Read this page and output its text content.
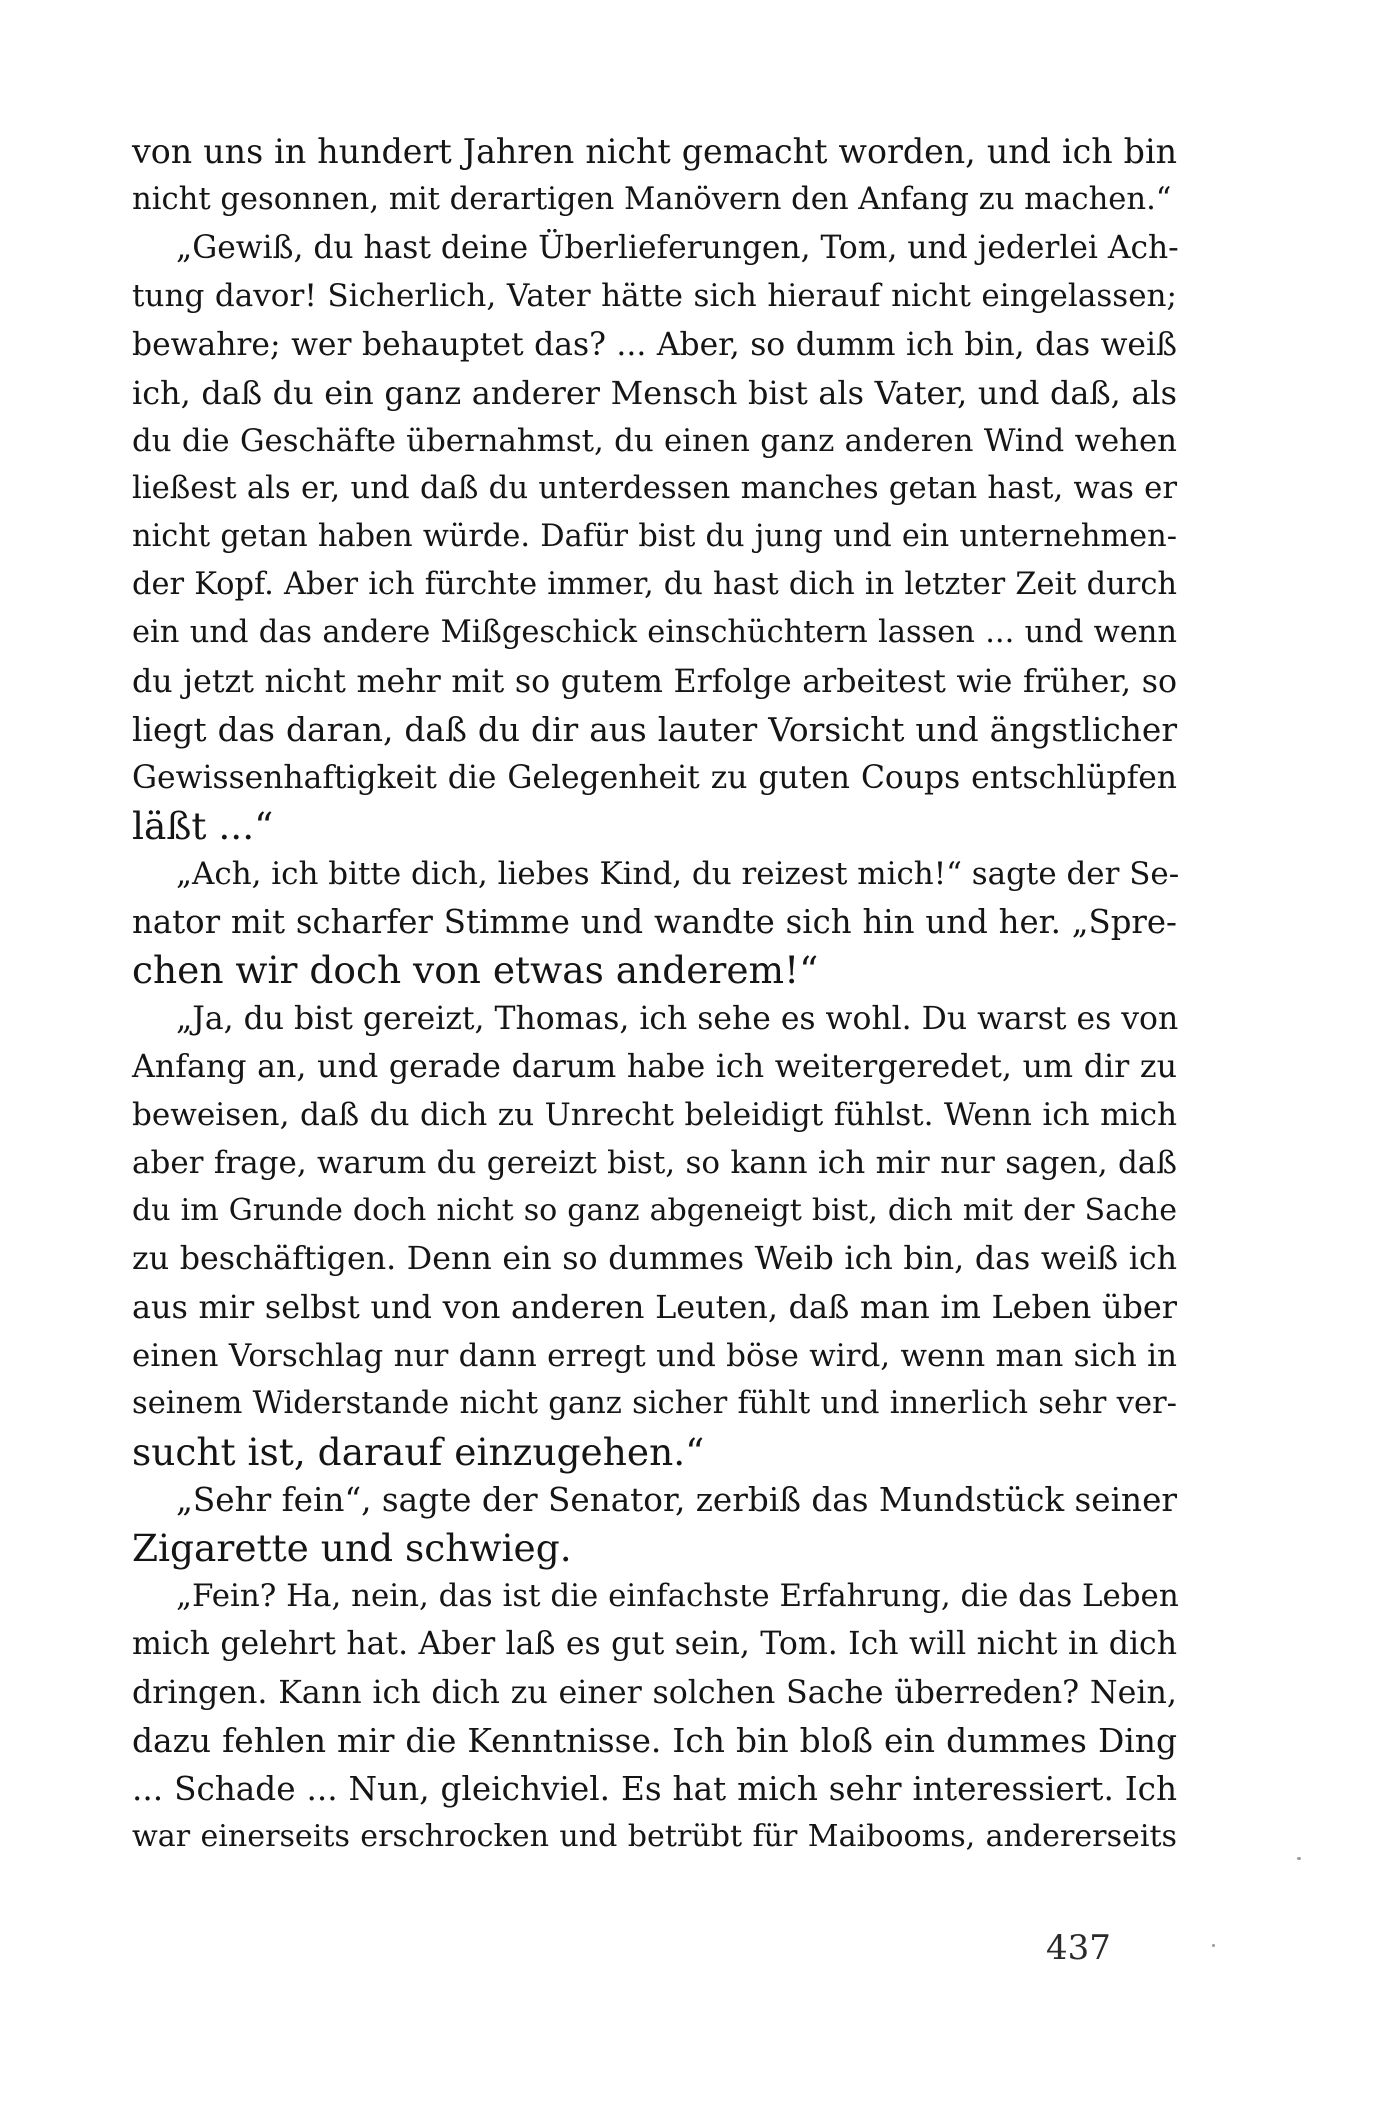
von uns in hundert Jahren nicht gemacht worden, und ich bin
nicht gesonnen, mit derartigen Manövern den Anfang zu machen.“
„Gewiß, du hast deine Überlieferungen, Tom, und jederlei Ach-
tung davor! Sicherlich, Vater hätte sich hierauf nicht eingelassen;
bewahre; wer behauptet das? ... Aber, so dumm ich bin, das weiß
ich, daß du ein ganz anderer Mensch bist als Vater, und daß, als
du die Geschäfte übernahmst, du einen ganz anderen Wind wehen
ließest als er, und daß du unterdessen manches getan hast, was er
nicht getan haben würde. Dafür bist du jung und ein unternehmen-
der Kopf. Aber ich fürchte immer, du hast dich in letzter Zeit durch
ein und das andere Mißgeschick einschüchtern lassen ... und wenn
du jetzt nicht mehr mit so gutem Erfolge arbeitest wie früher, so
liegt das daran, daß du dir aus lauter Vorsicht und ängstlicher
Gewissenhaftigkeit die Gelegenheit zu guten Coups entschlüpfen
läßt ...“
„Ach, ich bitte dich, liebes Kind, du reizest mich!“ sagte der Se-
nator mit scharfer Stimme und wandte sich hin und her. „Spre-
chen wir doch von etwas anderem!“
„Ja, du bist gereizt, Thomas, ich sehe es wohl. Du warst es von
Anfang an, und gerade darum habe ich weitergeredet, um dir zu
beweisen, daß du dich zu Unrecht beleidigt fühlst. Wenn ich mich
aber frage, warum du gereizt bist, so kann ich mir nur sagen, daß
du im Grunde doch nicht so ganz abgeneigt bist, dich mit der Sache
zu beschäftigen. Denn ein so dummes Weib ich bin, das weiß ich
aus mir selbst und von anderen Leuten, daß man im Leben über
einen Vorschlag nur dann erregt und böse wird, wenn man sich in
seinem Widerstande nicht ganz sicher fühlt und innerlich sehr ver-
sucht ist, darauf einzugehen.“
„Sehr fein“, sagte der Senator, zerbiß das Mundstück seiner
Zigarette und schwieg.
„Fein? Ha, nein, das ist die einfachste Erfahrung, die das Leben
mich gelehrt hat. Aber laß es gut sein, Tom. Ich will nicht in dich
dringen. Kann ich dich zu einer solchen Sache überreden? Nein,
dazu fehlen mir die Kenntnisse. Ich bin bloß ein dummes Ding
... Schade ... Nun, gleichviel. Es hat mich sehr interessiert. Ich
war einerseits erschrocken und betrübt für Maibooms, andererseits
437
